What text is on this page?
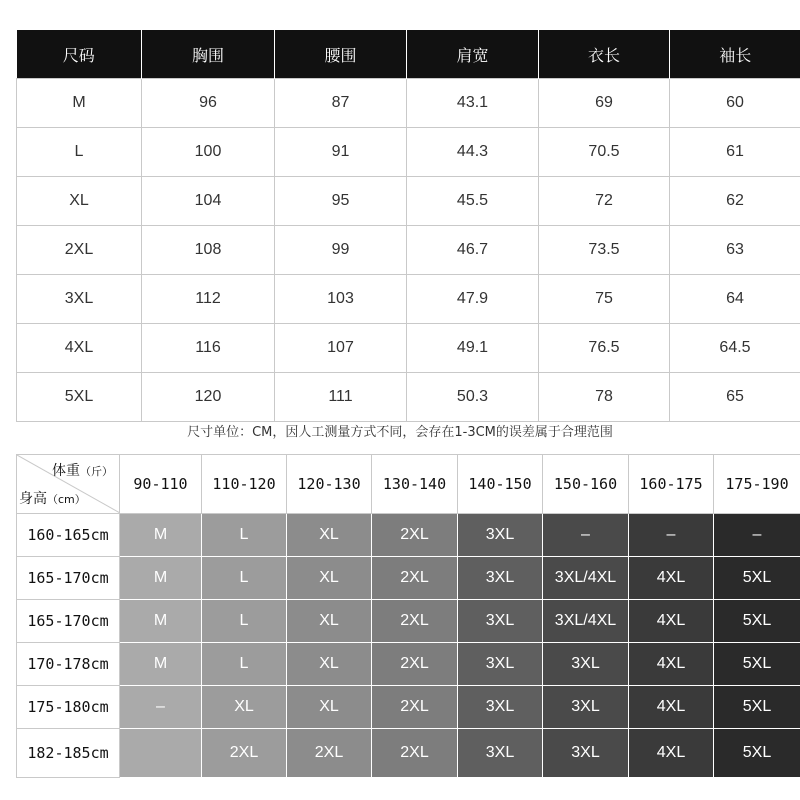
尺码	胸围	腰围	肩宽	衣长	袖长
M	96	87	43.1	69	60
L	100	91	44.3	70.5	61
XL	104	95	45.5	72	62
2XL	108	99	46.7	73.5	63
3XL	112	103	47.9	75	64
4XL	116	107	49.1	76.5	64.5
5XL	120	111	50.3	78	65
尺寸单位：CM，因人工测量方式不同，会存在1-3CM的误差属于合理范围
体重（斤）
身高（cm）	90-110	110-120	120-130	130-140	140-150	150-160	160-175	175-190
160-165cm	M	L	XL	2XL	3XL	–	–	–
165-170cm	M	L	XL	2XL	3XL	3XL/4XL	4XL	5XL
165-170cm	M	L	XL	2XL	3XL	3XL/4XL	4XL	5XL
170-178cm	M	L	XL	2XL	3XL	3XL	4XL	5XL
175-180cm	–	XL	XL	2XL	3XL	3XL	4XL	5XL
182-185cm		2XL	2XL	2XL	3XL	3XL	4XL	5XL
